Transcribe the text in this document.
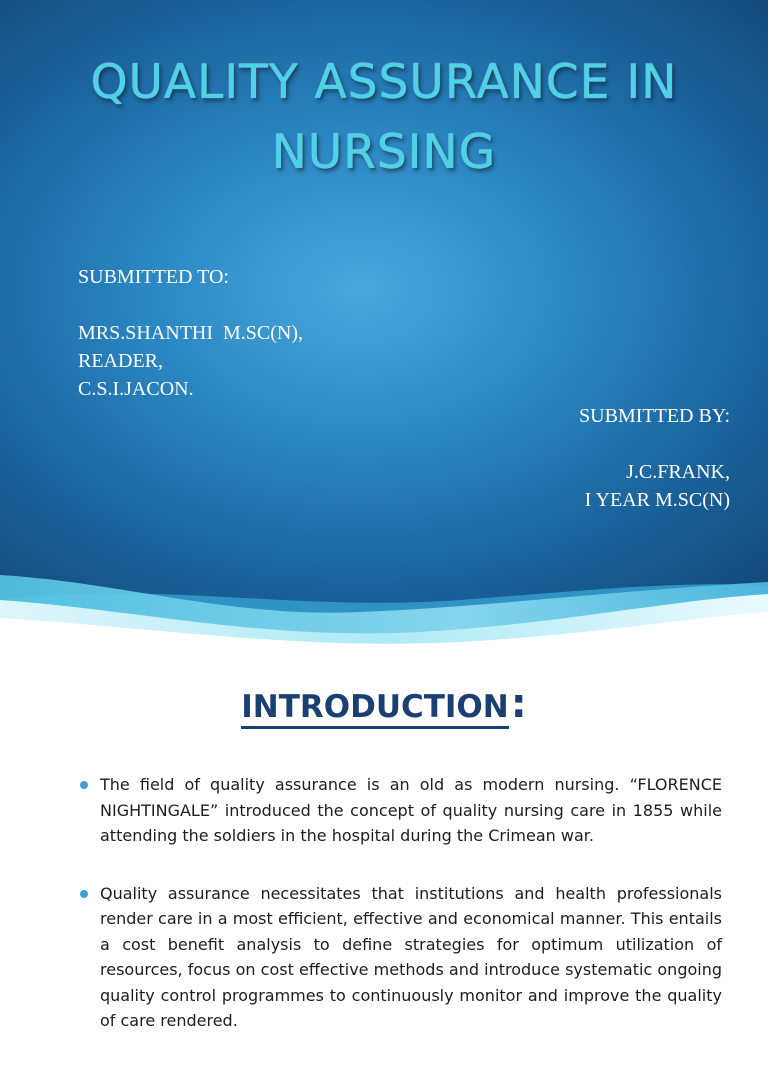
QUALITY ASSURANCE IN
NURSING
SUBMITTED TO:
MRS.SHANTHI  M.SC(N),
READER,
C.S.I.JACON.
SUBMITTED BY:
J.C.FRANK,
I YEAR M.SC(N)
INTRODUCTION:
The field of quality assurance is an old as modern nursing. “FLORENCE NIGHTINGALE” introduced the concept of quality nursing care in 1855 while attending the soldiers in the hospital during the Crimean war.
Quality assurance necessitates that institutions and health professionals render care in a most efficient, effective and economical manner. This entails a cost benefit analysis to define strategies for optimum utilization of resources, focus on cost effective methods and introduce systematic ongoing quality control programmes to continuously monitor and improve the quality of care rendered.
